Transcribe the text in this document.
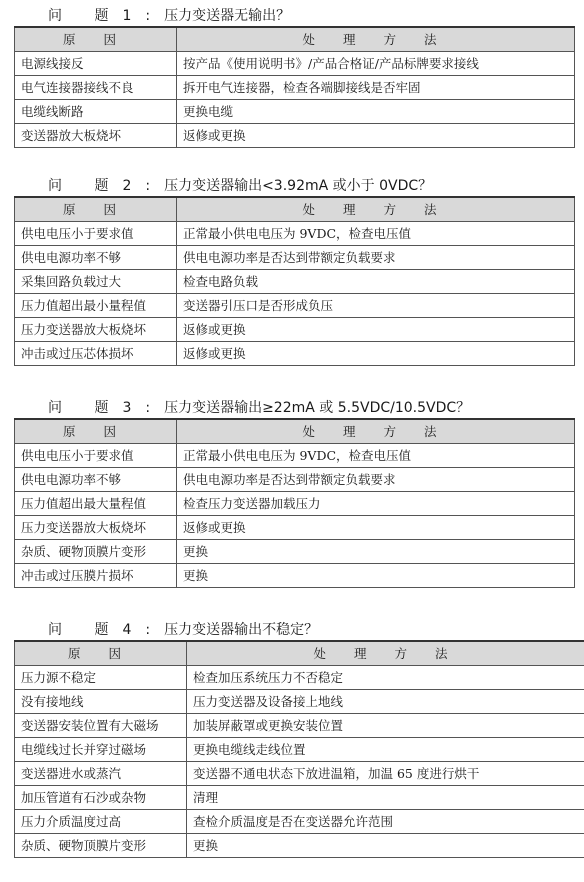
问 题1:压力变送器无输出？
原 因	处 理 方 法
电源线接反	按产品《使用说明书》/产品合格证/产品标牌要求接线
电气连接器接线不良	拆开电气连接器，检查各端脚接线是否牢固
电缆线断路	更换电缆
变送器放大板烧坏	返修或更换
问 题2:压力变送器输出<3.92mA 或小于 0VDC？
原 因	处 理 方 法
供电电压小于要求值	正常最小供电电压为 9VDC，检查电压值
供电电源功率不够	供电电源功率是否达到带额定负载要求
采集回路负载过大	检查电路负载
压力值超出最小量程值	变送器引压口是否形成负压
压力变送器放大板烧坏	返修或更换
冲击或过压芯体损坏	返修或更换
问 题3:压力变送器输出≥22mA 或 5.5VDC/10.5VDC？
原 因	处 理 方 法
供电电压小于要求值	正常最小供电电压为 9VDC，检查电压值
供电电源功率不够	供电电源功率是否达到带额定负载要求
压力值超出最大量程值	检查压力变送器加载压力
压力变送器放大板烧坏	返修或更换
杂质、硬物顶膜片变形	更换
冲击或过压膜片损坏	更换
问 题4:压力变送器输出不稳定？
原 因	处 理 方 法
压力源不稳定	检查加压系统压力不否稳定
没有接地线	压力变送器及设备接上地线
变送器安装位置有大磁场	加装屏蔽罩或更换安装位置
电缆线过长并穿过磁场	更换电缆线走线位置
变送器进水或蒸汽	变送器不通电状态下放进温箱，加温 65 度进行烘干
加压管道有石沙或杂物	清理
压力介质温度过高	查检介质温度是否在变送器允许范围
杂质、硬物顶膜片变形	更换
